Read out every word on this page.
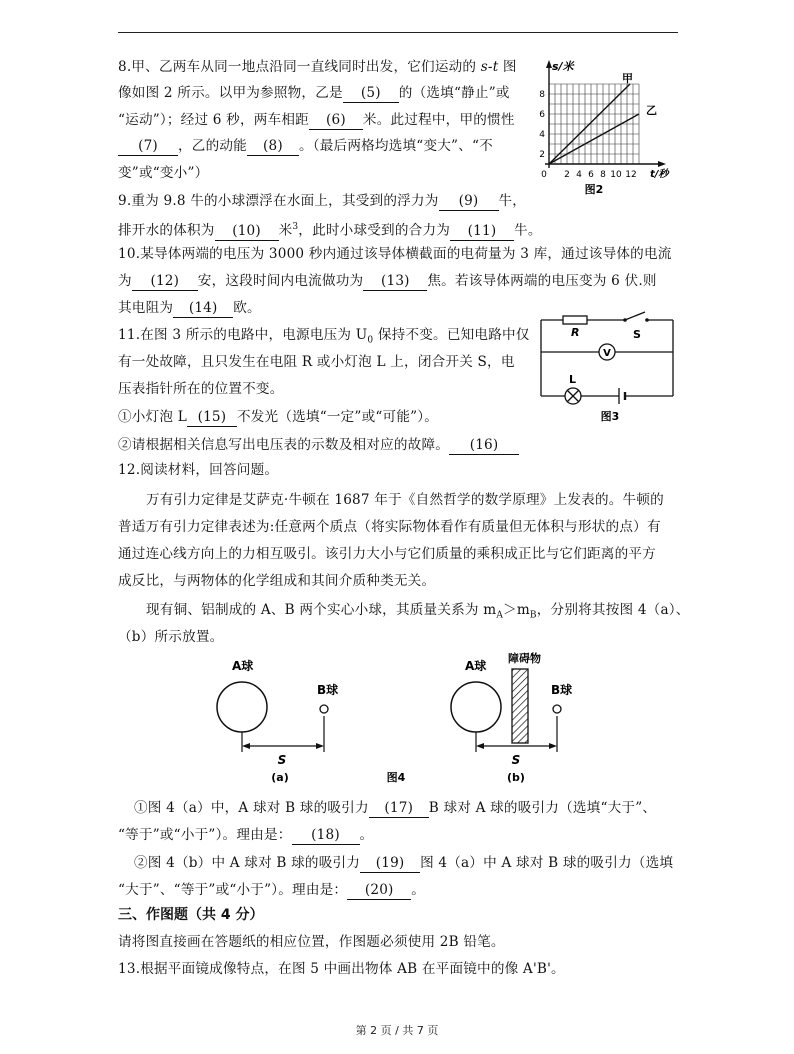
8.甲、乙两车从同一地点沿同一直线同时出发，它们运动的 s-t 图
像如图 2 所示。以甲为参照物，乙是 (5) 的（选填“静止”或
“运动”）；经过 6 秒，两车相距 (6) 米。此过程中，甲的惯性
(7) ，乙的动能 (8) 。（最后两格均选填“变大”、“不
变”或“变小”）
s/米
甲
乙
8
6
4
2
0 2 4 6 8 10 12 t/秒
图2
9.重为 9.8 牛的小球漂浮在水面上，其受到的浮力为 (9) 牛，
排开水的体积为 (10) 米$^3$，此时小球受到的合力为 (11) 牛。
10.某导体两端的电压为 3000 秒内通过该导体横截面的电荷量为 3 库，通过该导体的电流
为 (12) 安，这段时间内电流做功为 (13) 焦。若该导体两端的电压变为 6 伏.则
其电阻为 (14) 欧。
11.在图 3 所示的电路中，电源电压为 $U_0$ 保持不变。已知电路中仅
有一处故障，且只发生在电阻 R 或小灯泡 L 上，闭合开关 S，电
压表指针所在的位置不变。
①小灯泡 L (15) 不发光（选填“一定”或“可能”）。
②请根据相关信息写出电压表的示数及相对应的故障。 (16)
R	S
V
L
图3
12.阅读材料，回答问题。
万有引力定律是艾萨克·牛顿在 1687 年于《自然哲学的数学原理》上发表的。牛顿的
普适万有引力定律表述为:任意两个质点（将实际物体看作有质量但无体积与形状的点）有
通过连心线方向上的力相互吸引。该引力大小与它们质量的乘积成正比与它们距离的平方
成反比，与两物体的化学组成和其间介质种类无关。
现有铜、铝制成的 A、B 两个实心小球，其质量关系为 $m_A>m_B$，分别将其按图 4（a）、
（b）所示放置。
A球
B球
S
(a)	图4
A球
障碍物
B球
S
(b)
①图 4（a）中，A 球对 B 球的吸引力 (17) B 球对 A 球的吸引力（选填“大于”、
“等于”或“小于”）。理由是： (18) 。
②图 4（b）中 A 球对 B 球的吸引力 (19) 图 4（a）中 A 球对 B 球的吸引力（选填
“大于”、“等于”或“小于”）。理由是： (20) 。
三、作图题（共 4 分）
请将图直接画在答题纸的相应位置，作图题必须使用 2B 铅笔。
13.根据平面镜成像特点，在图 5 中画出物体 AB 在平面镜中的像 A'B'。
第 2 页 / 共 7 页
